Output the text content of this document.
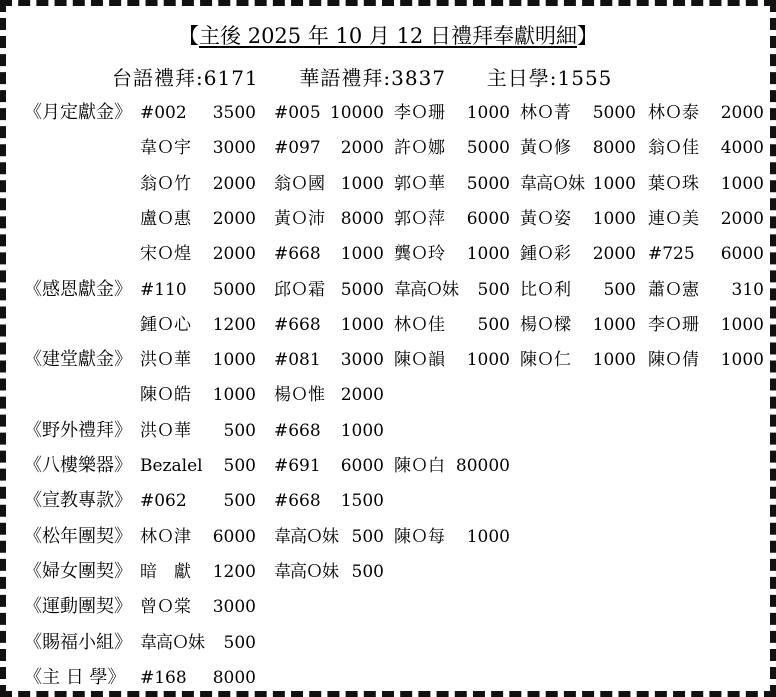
【主後 2025 年 10 月 12 日禮拜奉獻明細】
台語禮拜:6171 華語禮拜:3837 主日學:1555
《月定獻金》 #002	3500 #005 10000 李Ｏ珊	1000 林Ｏ菁	5000 林Ｏ泰	2000
韋Ｏ宇	3000 #097	2000 許Ｏ娜	5000 黃Ｏ修	8000 翁Ｏ佳	4000
翁Ｏ竹	2000 翁Ｏ國 1000 郭Ｏ華	5000 韋高Ｏ妹 1000 葉Ｏ珠	1000
盧Ｏ惠	2000 黃Ｏ沛 8000 郭Ｏ萍	6000 黃Ｏ姿	1000 連Ｏ美	2000
宋Ｏ煌	2000 #668	1000 龔Ｏ玲	1000 鍾Ｏ彩	2000 #725	6000
《感恩獻金》 #110	5000 邱Ｏ霜 5000 韋高Ｏ妹	500 比Ｏ利	500 蕭Ｏ憲	310
鍾Ｏ心	1200 #668	1000 林Ｏ佳	500 楊Ｏ樑	1000 李Ｏ珊	1000
《建堂獻金》 洪Ｏ華	1000 #081	3000 陳Ｏ韻	1000 陳Ｏ仁	1000 陳Ｏ倩	1000
陳Ｏ皓	1000 楊Ｏ惟 2000
《野外禮拜》 洪Ｏ華	500 #668	1000
《八樓樂器》 Bezalel	500 #691	6000 陳Ｏ白 80000
《宣教專款》 #062	500 #668	1500
《松年團契》 林Ｏ津	6000 韋高Ｏ妹 500 陳Ｏ每	1000
《婦女團契》 暗　獻	1200 韋高Ｏ妹 500
《運動團契》 曾Ｏ棠	3000
《賜福小組》 韋高Ｏ妹	500
《主 日 學》 #168	8000
